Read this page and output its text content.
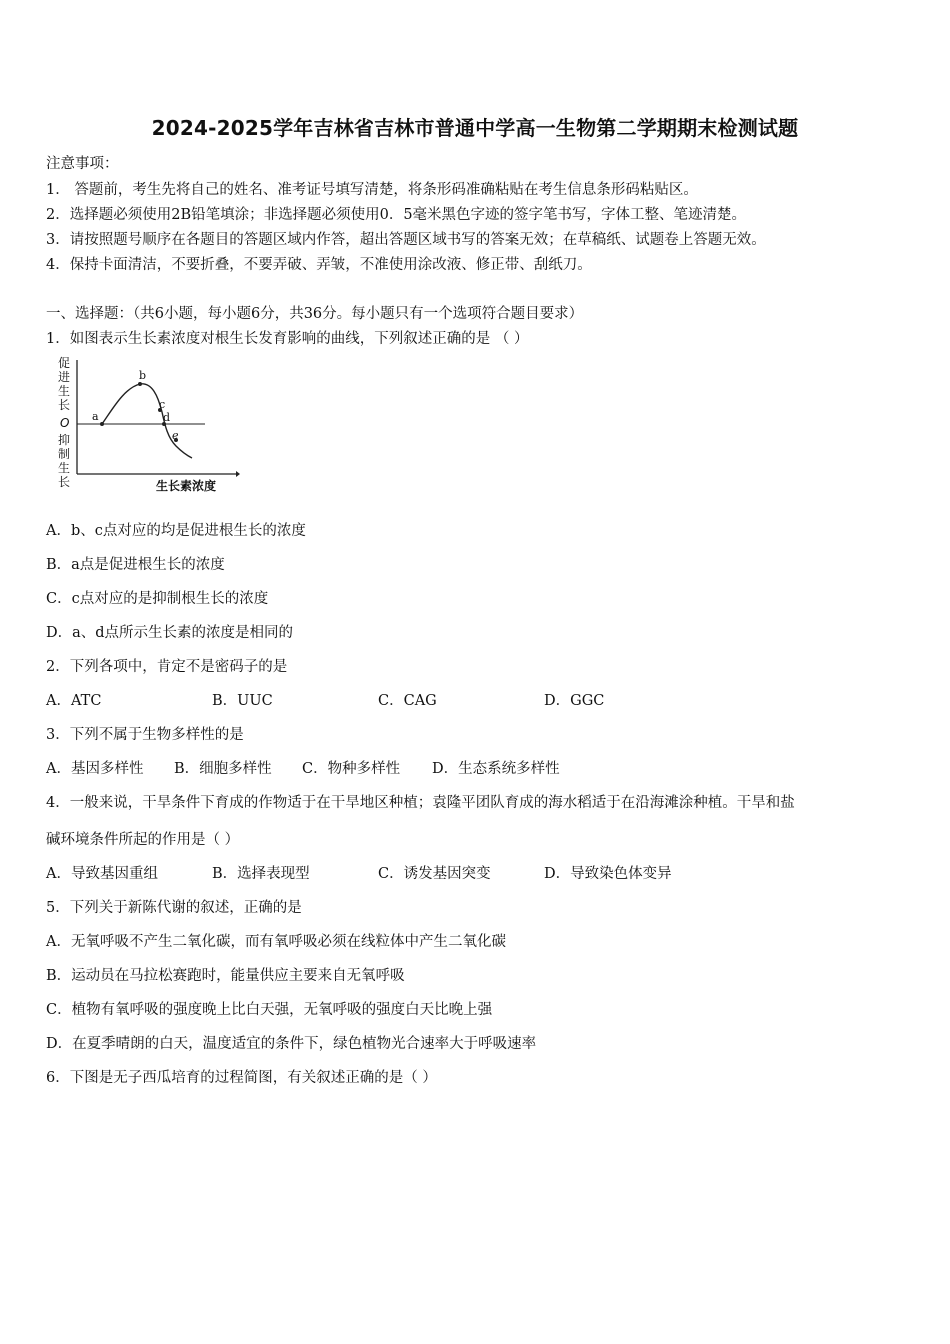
2024-2025学年吉林省吉林市普通中学高一生物第二学期期末检测试题
注意事项：
1． 答题前，考生先将自己的姓名、准考证号填写清楚，将条形码准确粘贴在考生信息条形码粘贴区。
2．选择题必须使用2B铅笔填涂；非选择题必须使用0．5毫米黑色字迹的签字笔书写，字体工整、笔迹清楚。
3．请按照题号顺序在各题目的答题区域内作答，超出答题区域书写的答案无效；在草稿纸、试题卷上答题无效。
4．保持卡面清洁，不要折叠，不要弄破、弄皱，不准使用涂改液、修正带、刮纸刀。
一、选择题：（共6小题，每小题6分，共36分。每小题只有一个选项符合题目要求）
1．如图表示生长素浓度对根生长发育影响的曲线，下列叙述正确的是 （ ）
促
进
生
长
O
抑
制
生
长	生长素浓度
a
b
c
d
e
A．b、c点对应的均是促进根生长的浓度
B．a点是促进根生长的浓度
C．c点对应的是抑制根生长的浓度
D．a、d点所示生长素的浓度是相同的
2．下列各项中，肯定不是密码子的是
A．ATC	B．UUC	C．CAG	D．GGC
3．下列不属于生物多样性的是
A．基因多样性 B．细胞多样性 C．物种多样性 D．生态系统多样性
4．一般来说，干旱条件下育成的作物适于在干旱地区种植；袁隆平团队育成的海水稻适于在沿海滩涂种植。干旱和盐
碱环境条件所起的作用是（ ）
A．导致基因重组	B．选择表现型	C．诱发基因突变	D．导致染色体变异
5．下列关于新陈代谢的叙述，正确的是
A．无氧呼吸不产生二氧化碳，而有氧呼吸必须在线粒体中产生二氧化碳
B．运动员在马拉松赛跑时，能量供应主要来自无氧呼吸
C．植物有氧呼吸的强度晚上比白天强，无氧呼吸的强度白天比晚上强
D．在夏季晴朗的白天，温度适宜的条件下，绿色植物光合速率大于呼吸速率
6．下图是无子西瓜培育的过程简图，有关叙述正确的是（ ）
